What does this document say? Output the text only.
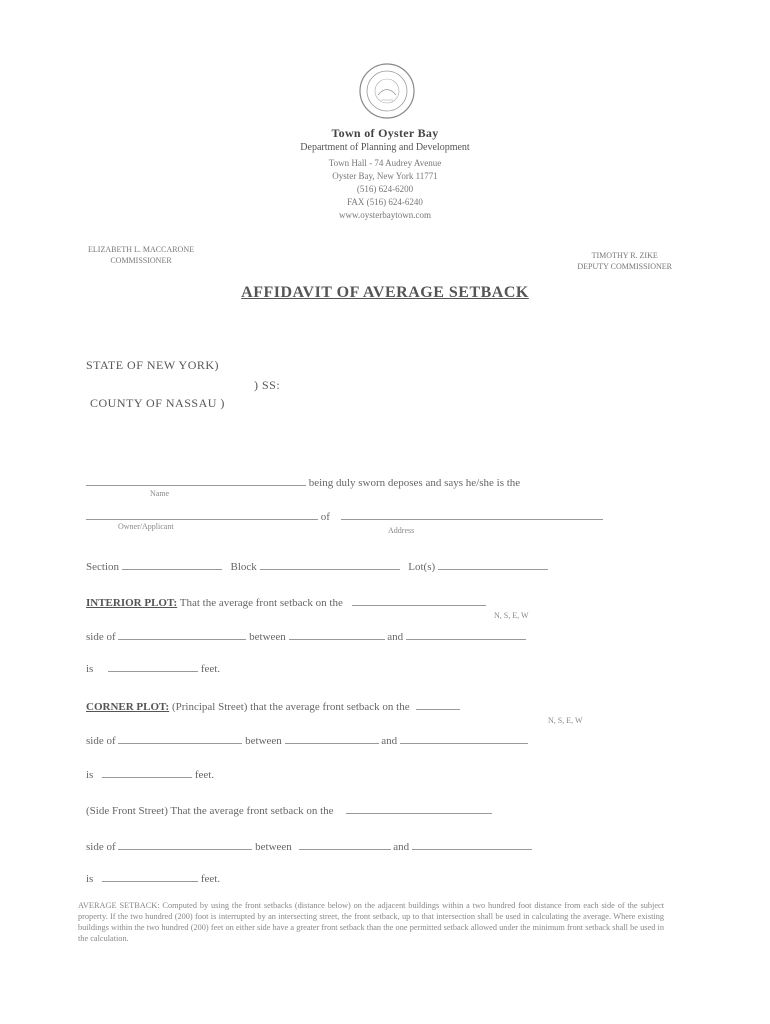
Town of Oyster Bay
Department of Planning and Development
Town Hall - 74 Audrey Avenue
Oyster Bay, New York 11771
(516) 624-6200
FAX (516) 624-6240
www.oysterbaytown.com
ELIZABETH L. MACCARONE
COMMISSIONER
TIMOTHY R. ZIKE
DEPUTY COMMISSIONER
AFFIDAVIT OF AVERAGE SETBACK
STATE OF NEW YORK)
) SS:
COUNTY OF NASSAU )
being duly sworn deposes and says he/she is the
Name
of
Owner/Applicant	Address
Section	Block	Lot(s)
INTERIOR PLOT: That the average front setback on the
N, S, E, W
side of	between	and
is	feet.
CORNER PLOT: (Principal Street) that the average front setback on the
N, S, E, W
side of	between	and
is	feet.
(Side Front Street) That the average front setback on the
side of	between	and
is	feet.
AVERAGE SETBACK: Computed by using the front setbacks (distance below) on the adjacent buildings within a two hundred foot distance from each side of the subject property. If the two hundred (200) foot is interrupted by an intersecting street, the front setback, up to that intersection shall be used in calculating the average. Where existing buildings within the two hundred (200) feet on either side have a greater front setback than the one permitted setback allowed under the minimum front setback shall be used in the calculation.
